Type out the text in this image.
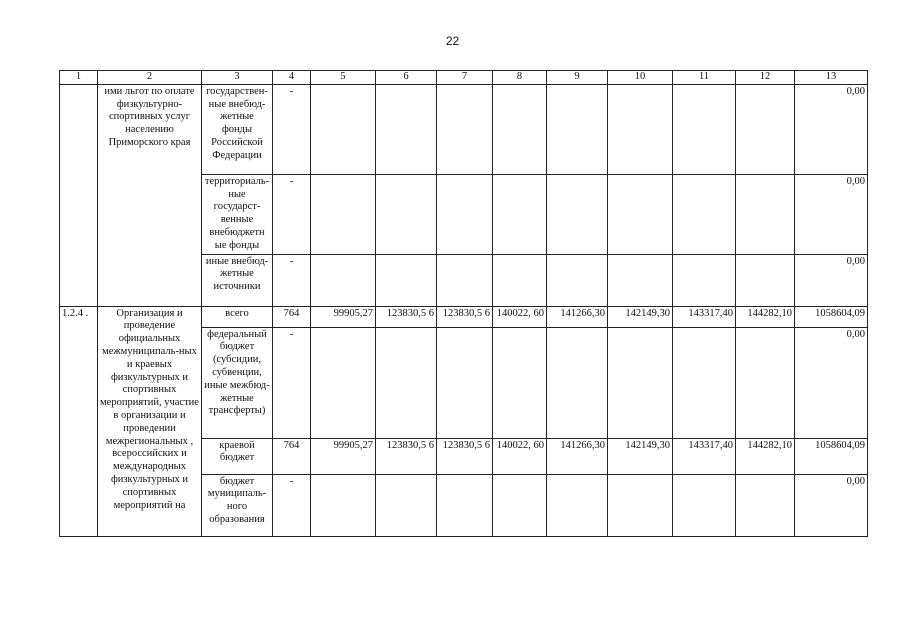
22
1	2	3	4	5	6	7	8	9	10	11	12	13
	ими льгот по оплате физкультурно-спортивных услуг населению Приморского края	государствен-ные внебюд-жетные фонды Российской Федерации	-									0,00
		территориаль-ные государст-венные внебюджетн ые фонды	-									0,00
		иные внебюд-жетные источники	-									0,00
1.2.4 .	Организация и проведение официальных межмуниципаль-ных и краевых физкультурных и спортивных мероприятий, участие в организации и проведении межрегиональных , всероссийских и международных физкультурных и спортивных мероприятий на	всего	764	99905,27	123830,5 6	123830,5 6	140022, 60	141266,30	142149,30	143317,40	144282,10	1058604,09
		федеральный бюджет (субсидии, субвенции, иные межбюд-жетные трансферты)	-									0,00
		краевой бюджет	764	99905,27	123830,5 6	123830,5 6	140022, 60	141266,30	142149,30	143317,40	144282,10	1058604,09
		бюджет муниципаль-ного образования	-									0,00
